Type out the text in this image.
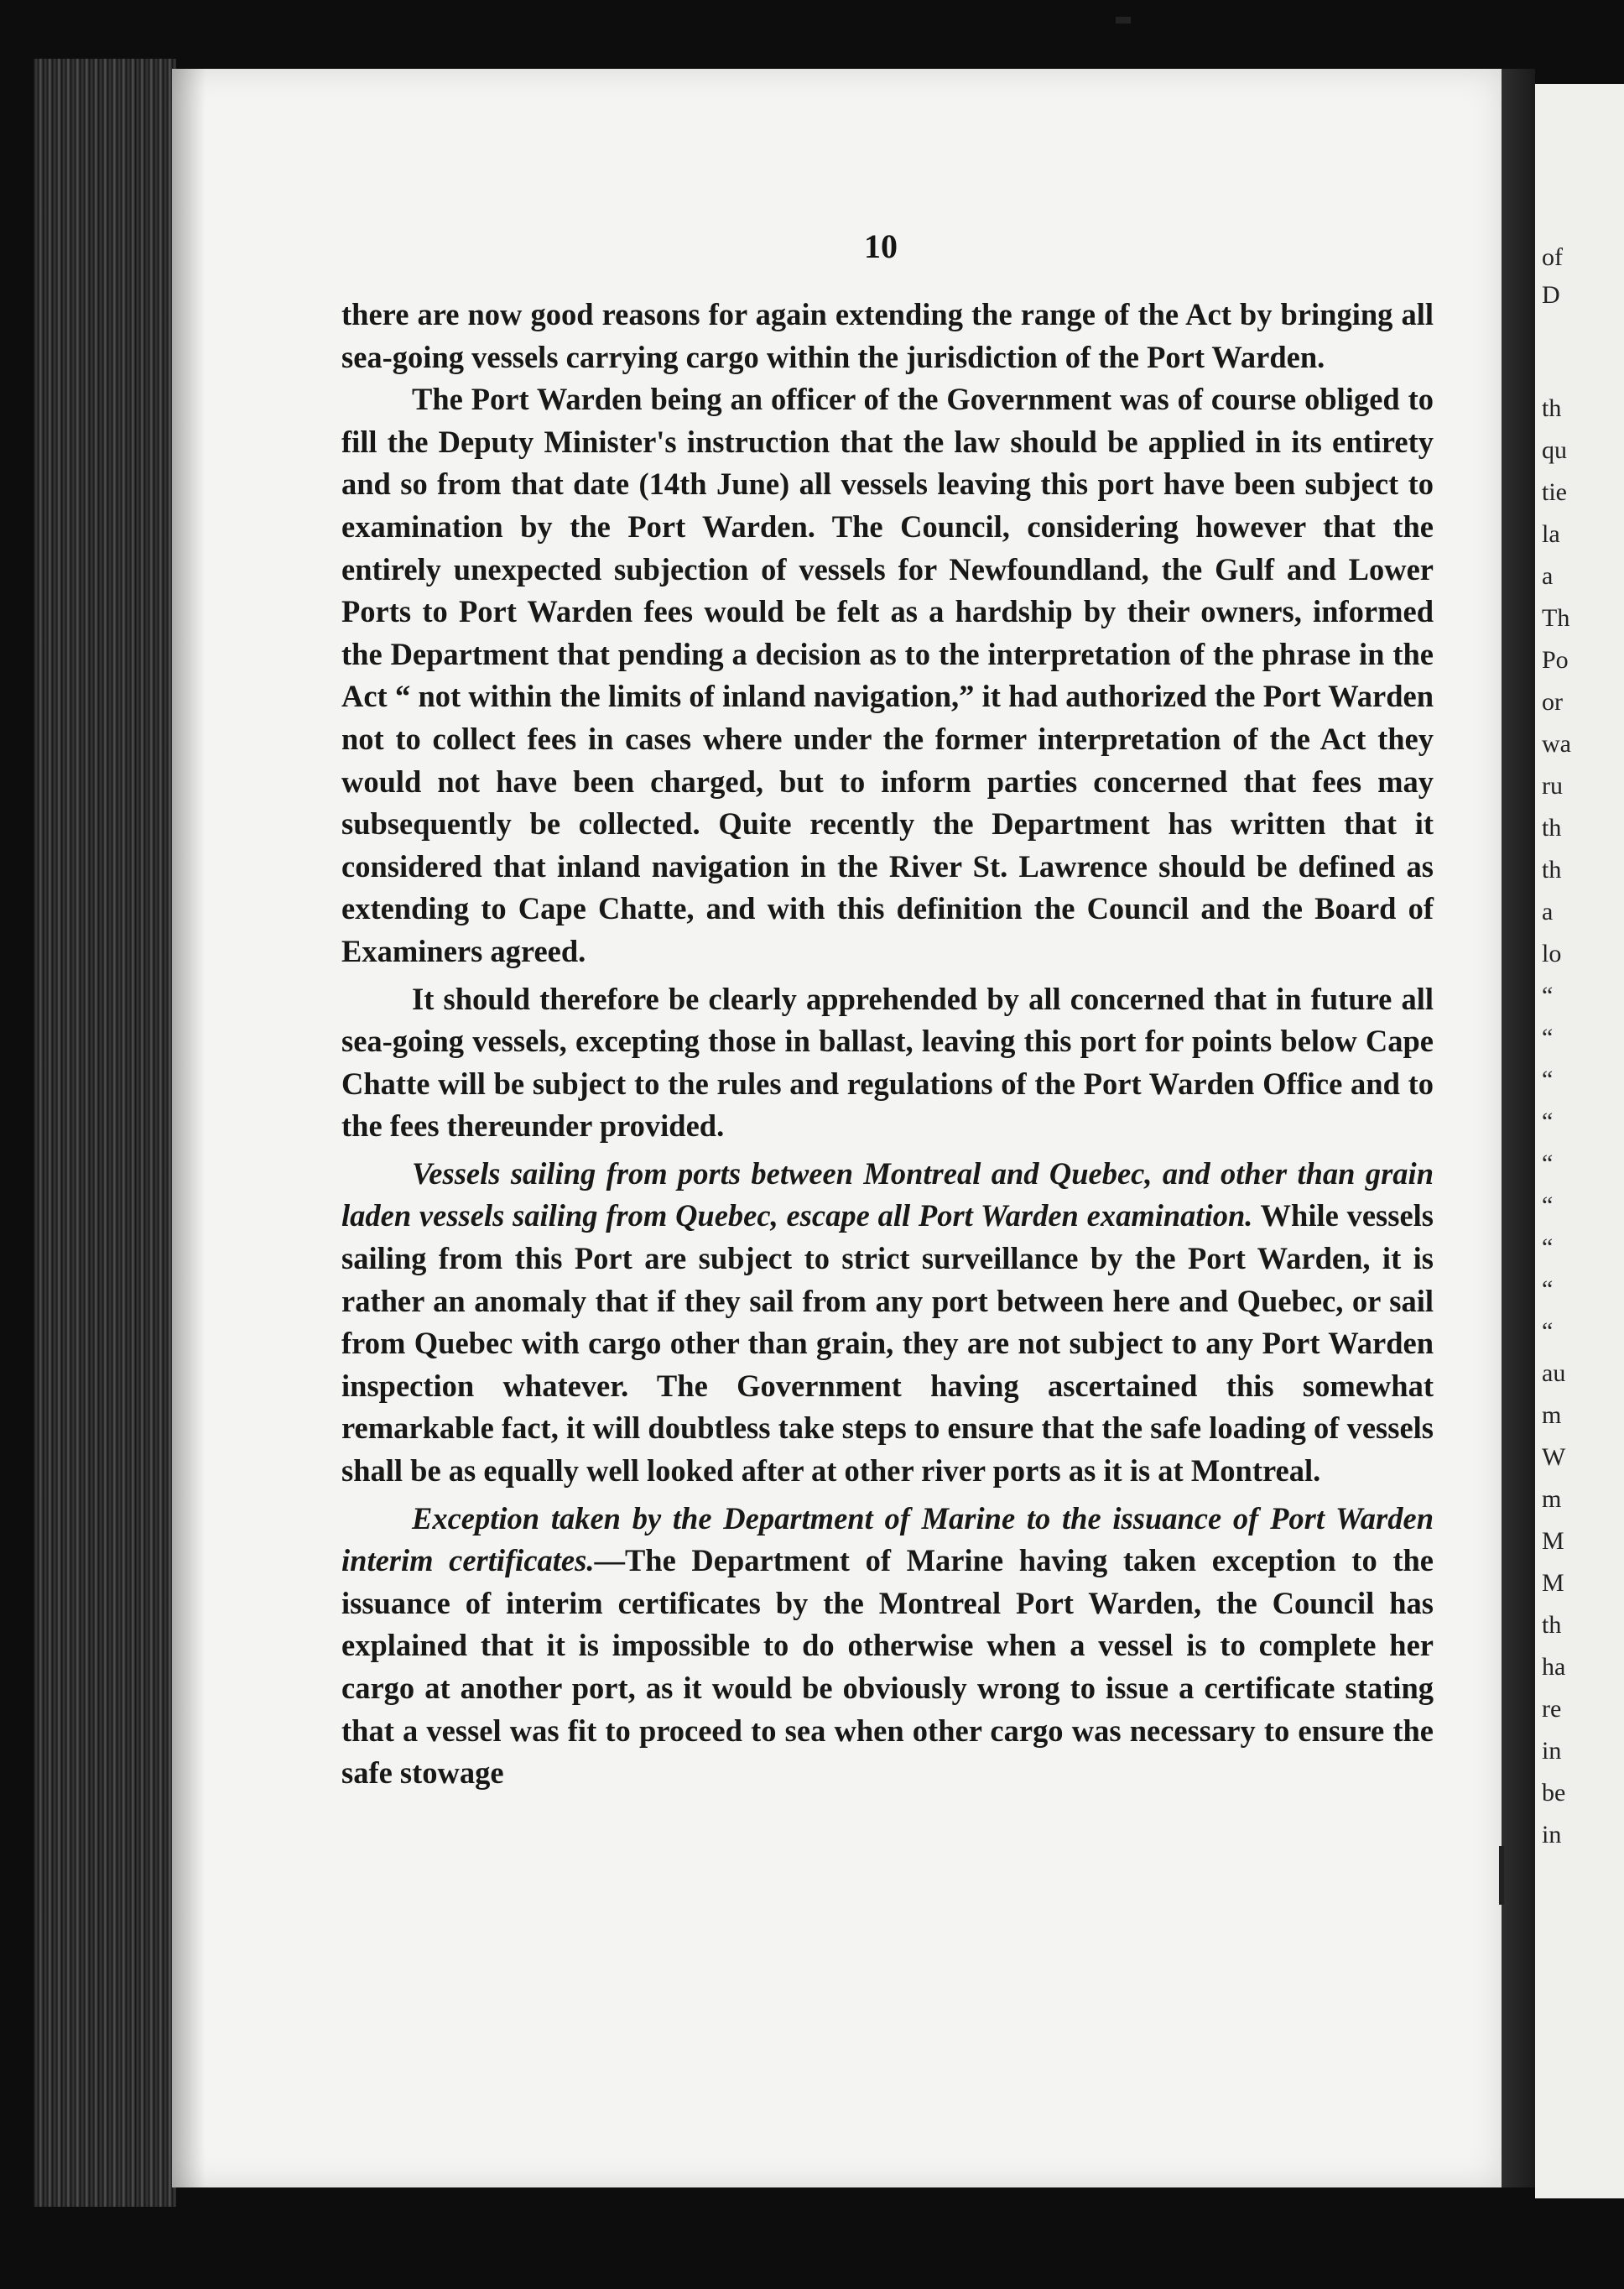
of
D
th
qu
tie
la
a
Th
Po
or
wa
ru
th
th
a
lo
“
“
“
“
“
“
“
“
“
au
m
W
m
M
M
th
ha
re
in
be
in
10

there are now good reasons for again extending the range of the Act by bringing all sea-going vessels carrying cargo within the jurisdiction of the Port Warden.

The Port Warden being an officer of the Government was of course obliged to fill the Deputy Minister's instruction that the law should be applied in its entirety and so from that date (14th June) all vessels leaving this port have been subject to examination by the Port Warden. The Council, considering however that the entirely unexpected subjection of vessels for Newfoundland, the Gulf and Lower Ports to Port Warden fees would be felt as a hardship by their owners, informed the Department that pending a decision as to the interpretation of the phrase in the Act “ not within the limits of inland navigation,” it had authorized the Port Warden not to collect fees in cases where under the former interpretation of the Act they would not have been charged, but to inform parties concerned that fees may subsequently be collected. Quite recently the Department has written that it considered that inland navigation in the River St. Lawrence should be defined as extending to Cape Chatte, and with this definition the Council and the Board of Examiners agreed.

It should therefore be clearly apprehended by all concerned that in future all sea-going vessels, excepting those in ballast, leaving this port for points below Cape Chatte will be subject to the rules and regulations of the Port Warden Office and to the fees thereunder provided.

Vessels sailing from ports between Montreal and Quebec, and other than grain laden vessels sailing from Quebec, escape all Port Warden examination. While vessels sailing from this Port are subject to strict surveillance by the Port Warden, it is rather an anomaly that if they sail from any port between here and Quebec, or sail from Quebec with cargo other than grain, they are not subject to any Port Warden inspection whatever. The Government having ascertained this somewhat remarkable fact, it will doubtless take steps to ensure that the safe loading of vessels shall be as equally well looked after at other river ports as it is at Montreal.

Exception taken by the Department of Marine to the issuance of Port Warden interim certificates.—The Department of Marine having taken exception to the issuance of interim certificates by the Montreal Port Warden, the Council has explained that it is impossible to do otherwise when a vessel is to complete her cargo at another port, as it would be obviously wrong to issue a certificate stating that a vessel was fit to proceed to sea when other cargo was necessary to ensure the safe stowage
